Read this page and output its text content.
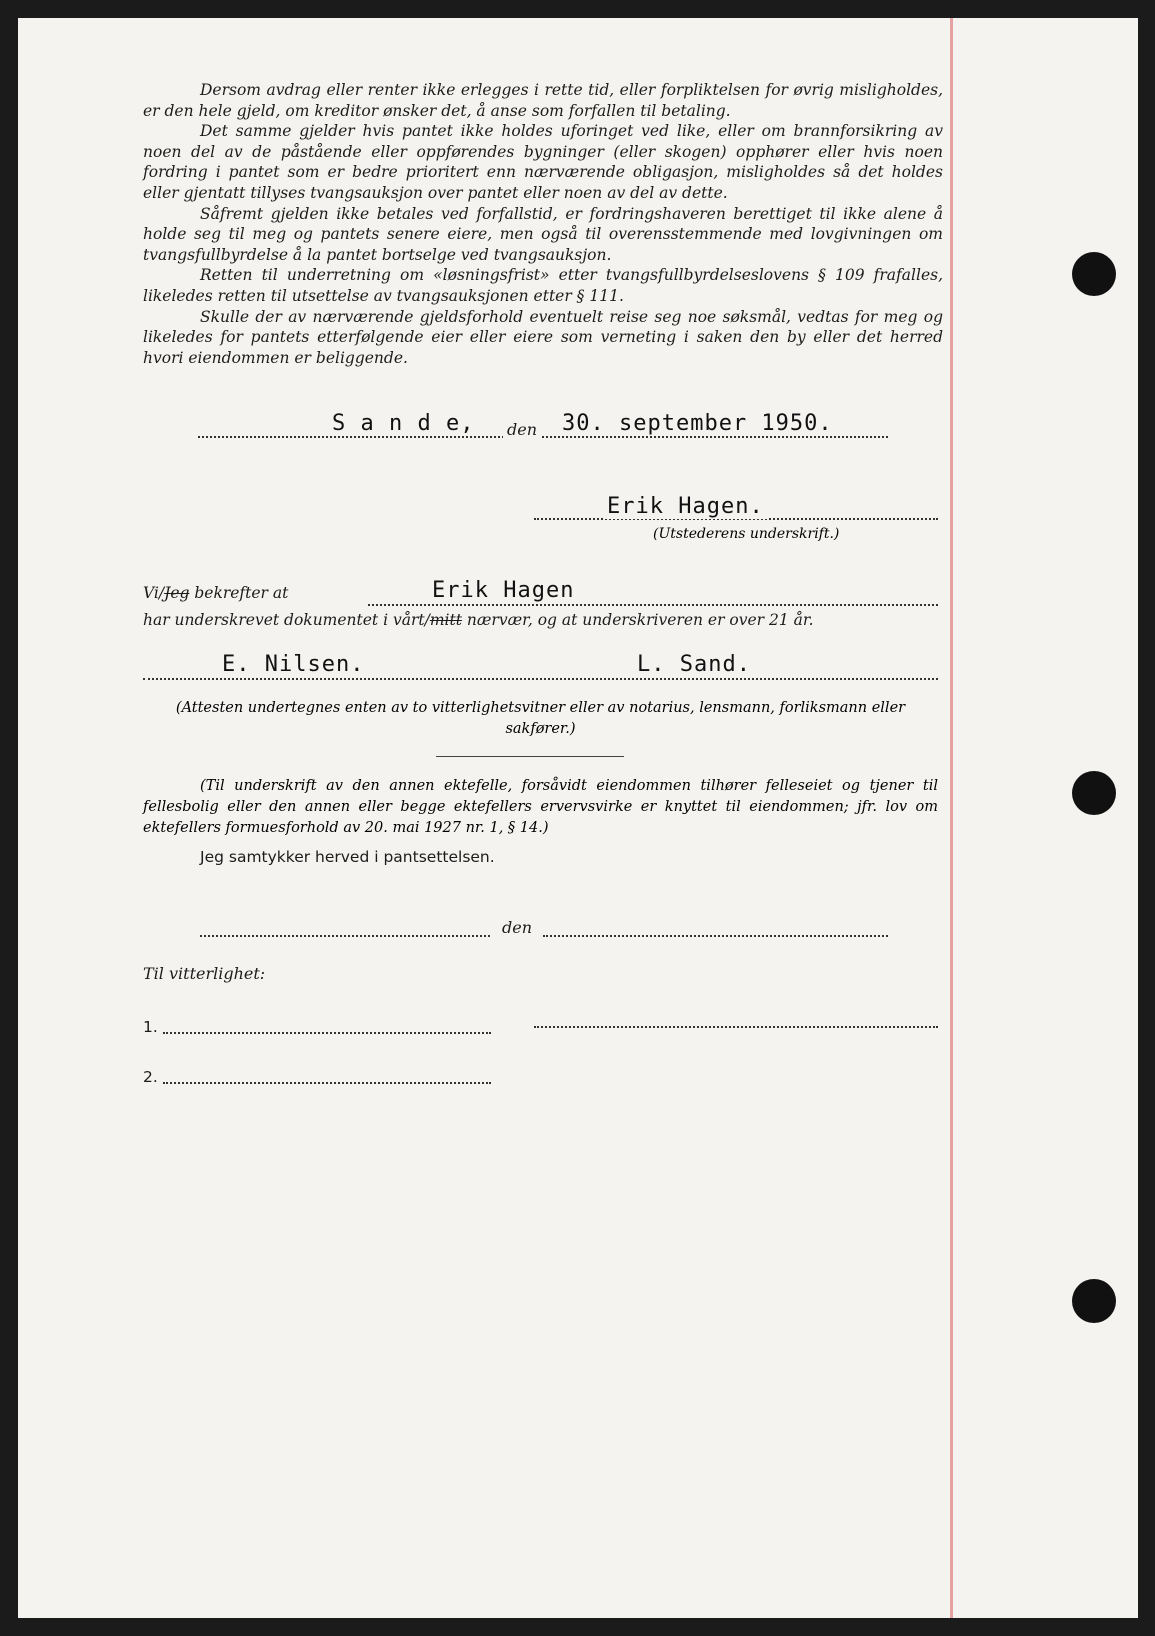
Dersom avdrag eller renter ikke erlegges i rette tid, eller forpliktelsen for øvrig misligholdes, er den hele gjeld, om kreditor ønsker det, å anse som forfallen til betaling.

Det samme gjelder hvis pantet ikke holdes uforinget ved like, eller om brannforsikring av noen del av de påstående eller oppførendes bygninger (eller skogen) opphører eller hvis noen fordring i pantet som er bedre prioritert enn nærværende obligasjon, misligholdes så det holdes eller gjentatt tillyses tvangsauksjon over pantet eller noen av del av dette.

Såfremt gjelden ikke betales ved forfallstid, er fordringshaveren berettiget til ikke alene å holde seg til meg og pantets senere eiere, men også til overensstemmende med lovgivningen om tvangsfullbyrdelse å la pantet bortselge ved tvangsauksjon.

Retten til underretning om «løsningsfrist» etter tvangsfullbyrdelseslovens § 109 frafalles, likeledes retten til utsettelse av tvangsauksjonen etter § 111.

Skulle der av nærværende gjeldsforhold eventuelt reise seg noe søksmål, vedtas for meg og likeledes for pantets etterfølgende eier eller eiere som verneting i saken den by eller det herred hvori eiendommen er beliggende.

S a n d e, den 30. september 1950.
Erik Hagen.
(Utstederens underskrift.)
Vi/Jeg bekrefter at	Erik Hagen
har underskrevet dokumentet i vårt/mitt nærvær, og at underskriveren er over 21 år.
E. Nilsen.	L. Sand.
(Attesten undertegnes enten av to vitterlighetsvitner eller av notarius, lensmann, forliksmann eller sakfører.)
(Til underskrift av den annen ektefelle, forsåvidt eiendommen tilhører felleseiet og tjener til fellesbolig eller den annen eller begge ektefellers ervervsvirke er knyttet til eiendommen; jfr. lov om ektefellers formuesforhold av 20. mai 1927 nr. 1, § 14.)
Jeg samtykker herved i pantsettelsen.
den
Til vitterlighet:
1.
2.
